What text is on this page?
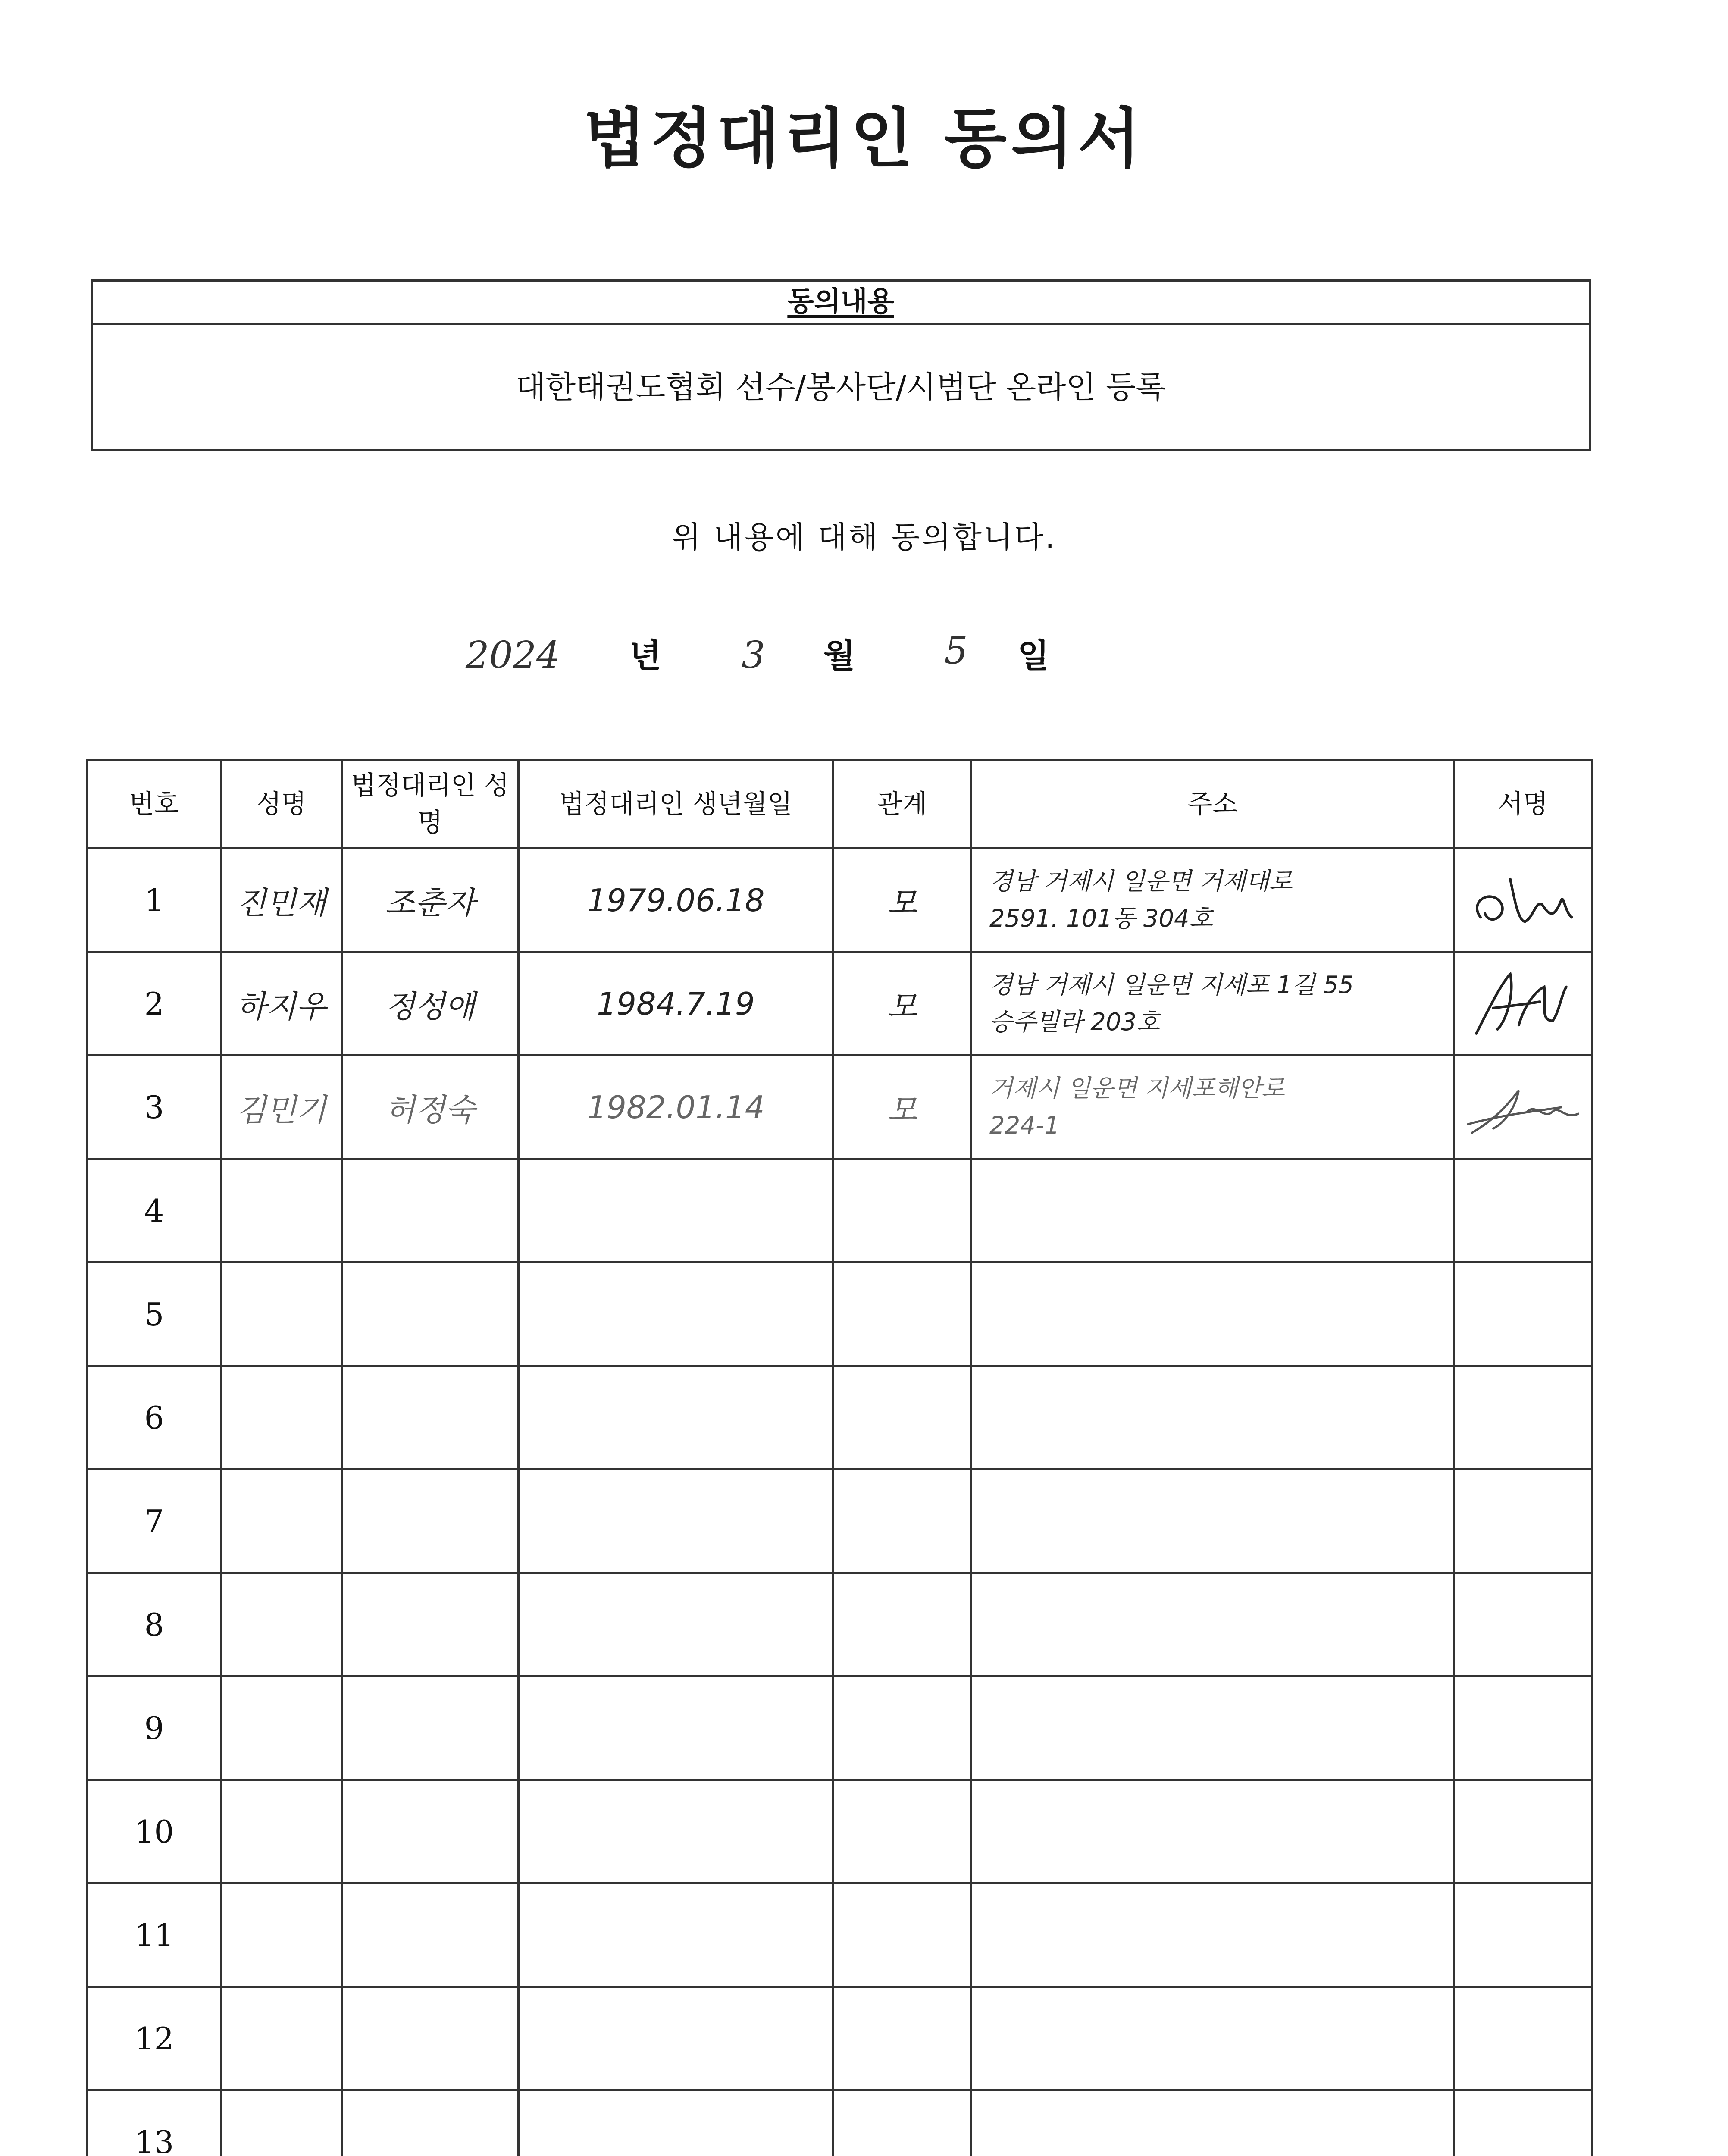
법정대리인 동의서
동의내용
대한태권도협회 선수/봉사단/시범단 온라인 등록
위 내용에 대해 동의합니다.
2024 년 3 월 5 일
번호	성명	법정대리인 성명	법정대리인 생년월일	관계	주소	서명
1	진민재	조춘자	1979.06.18	모	경남 거제시 일운면 거제대로
2591. 101동 304호

2	하지우	정성애	1984.7.19	모	경남 거제시 일운면 지세포 1길 55
승주빌라 203호

3	김민기	허정숙	1982.01.14	모	거제시 일운면 지세포해안로
224-1

4						
5						
6						
7						
8						
9						
10						
11						
12						
13						
